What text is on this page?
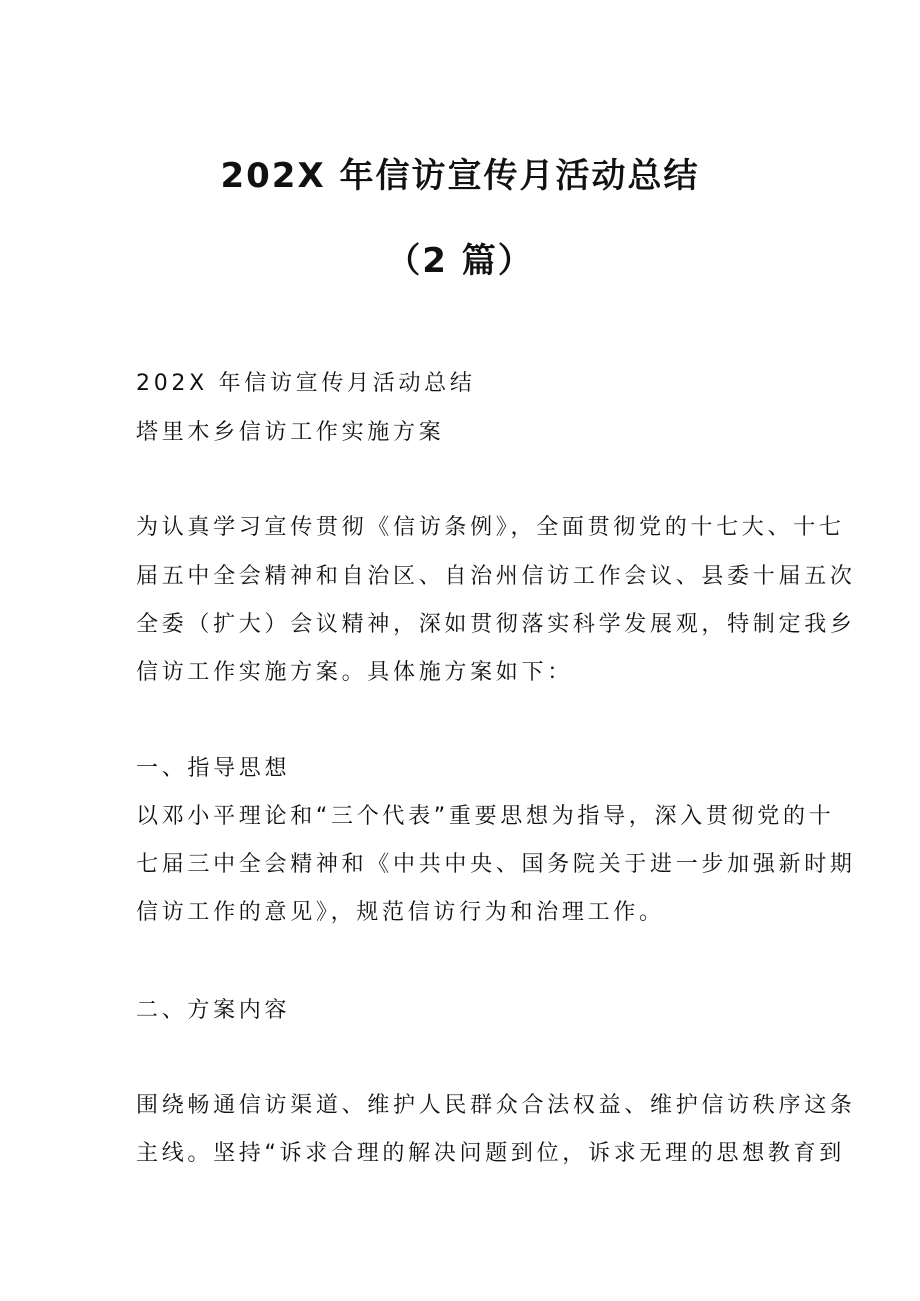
202X 年信访宣传月活动总结
（2 篇）

202X 年信访宣传月活动总结

塔里木乡信访工作实施方案

为认真学习宣传贯彻《信访条例》，全面贯彻党的十七大、十七

届五中全会精神和自治区、自治州信访工作会议、县委十届五次

全委（扩大）会议精神，深如贯彻落实科学发展观，特制定我乡

信访工作实施方案。具体施方案如下：

一、指导思想

以邓小平理论和“三个代表”重要思想为指导，深入贯彻党的十

七届三中全会精神和《中共中央、国务院关于进一步加强新时期

信访工作的意见》，规范信访行为和治理工作。

二、方案内容

围绕畅通信访渠道、维护人民群众合法权益、维护信访秩序这条

主线。坚持“诉求合理的解决问题到位，诉求无理的思想教育到
